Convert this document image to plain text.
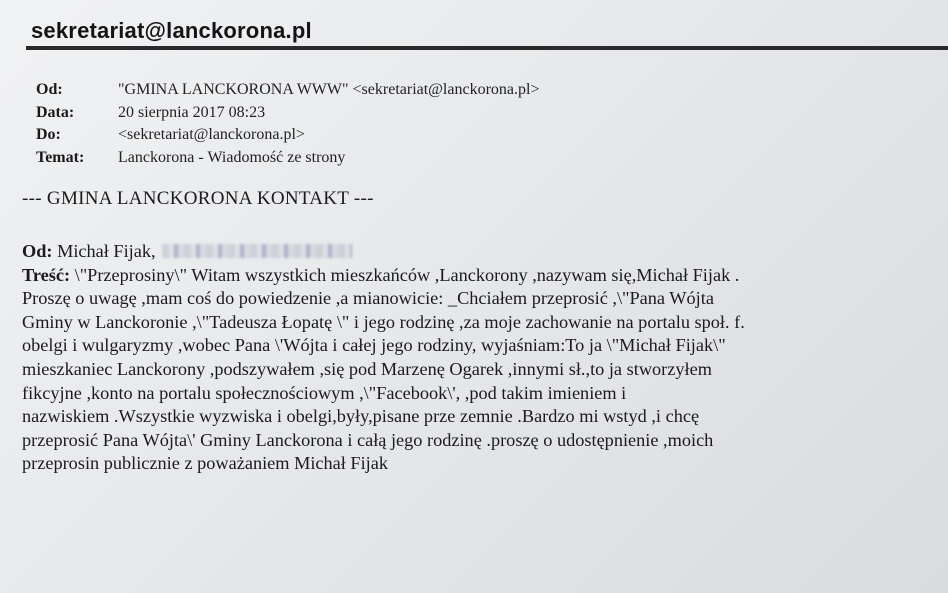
sekretariat@lanckorona.pl
Od:	"GMINA LANCKORONA WWW" <sekretariat@lanckorona.pl>
Data:	20 sierpnia 2017 08:23
Do:	<sekretariat@lanckorona.pl>
Temat:	Lanckorona - Wiadomość ze strony
--- GMINA LANCKORONA KONTAKT ---
Od: Michał Fijak,
Treść: \"Przeprosiny\" Witam wszystkich mieszkańców ,Lanckorony ,nazywam się,Michał Fijak .
Proszę o uwagę ,mam coś do powiedzenie ,a mianowicie: _Chciałem przeprosić ,\"Pana Wójta
Gminy w Lanckoronie ,\"Tadeusza Łopatę \" i jego rodzinę ,za moje zachowanie na portalu społ. f.
obelgi i wulgaryzmy ,wobec Pana \'Wójta i całej jego rodziny, wyjaśniam:To ja \"Michał Fijak\"
mieszkaniec Lanckorony ,podszywałem ,się pod Marzenę Ogarek ,innymi sł.,to ja stworzyłem
fikcyjne ,konto na portalu społecznościowym ,\"Facebook\', ,pod takim imieniem i
nazwiskiem .Wszystkie wyzwiska i obelgi,były,pisane prze zemnie .Bardzo mi wstyd ,i chcę
przeprosić Pana Wójta\' Gminy Lanckorona i całą jego rodzinę .proszę o udostępnienie ,moich
przeprosin publicznie z poważaniem Michał Fijak
